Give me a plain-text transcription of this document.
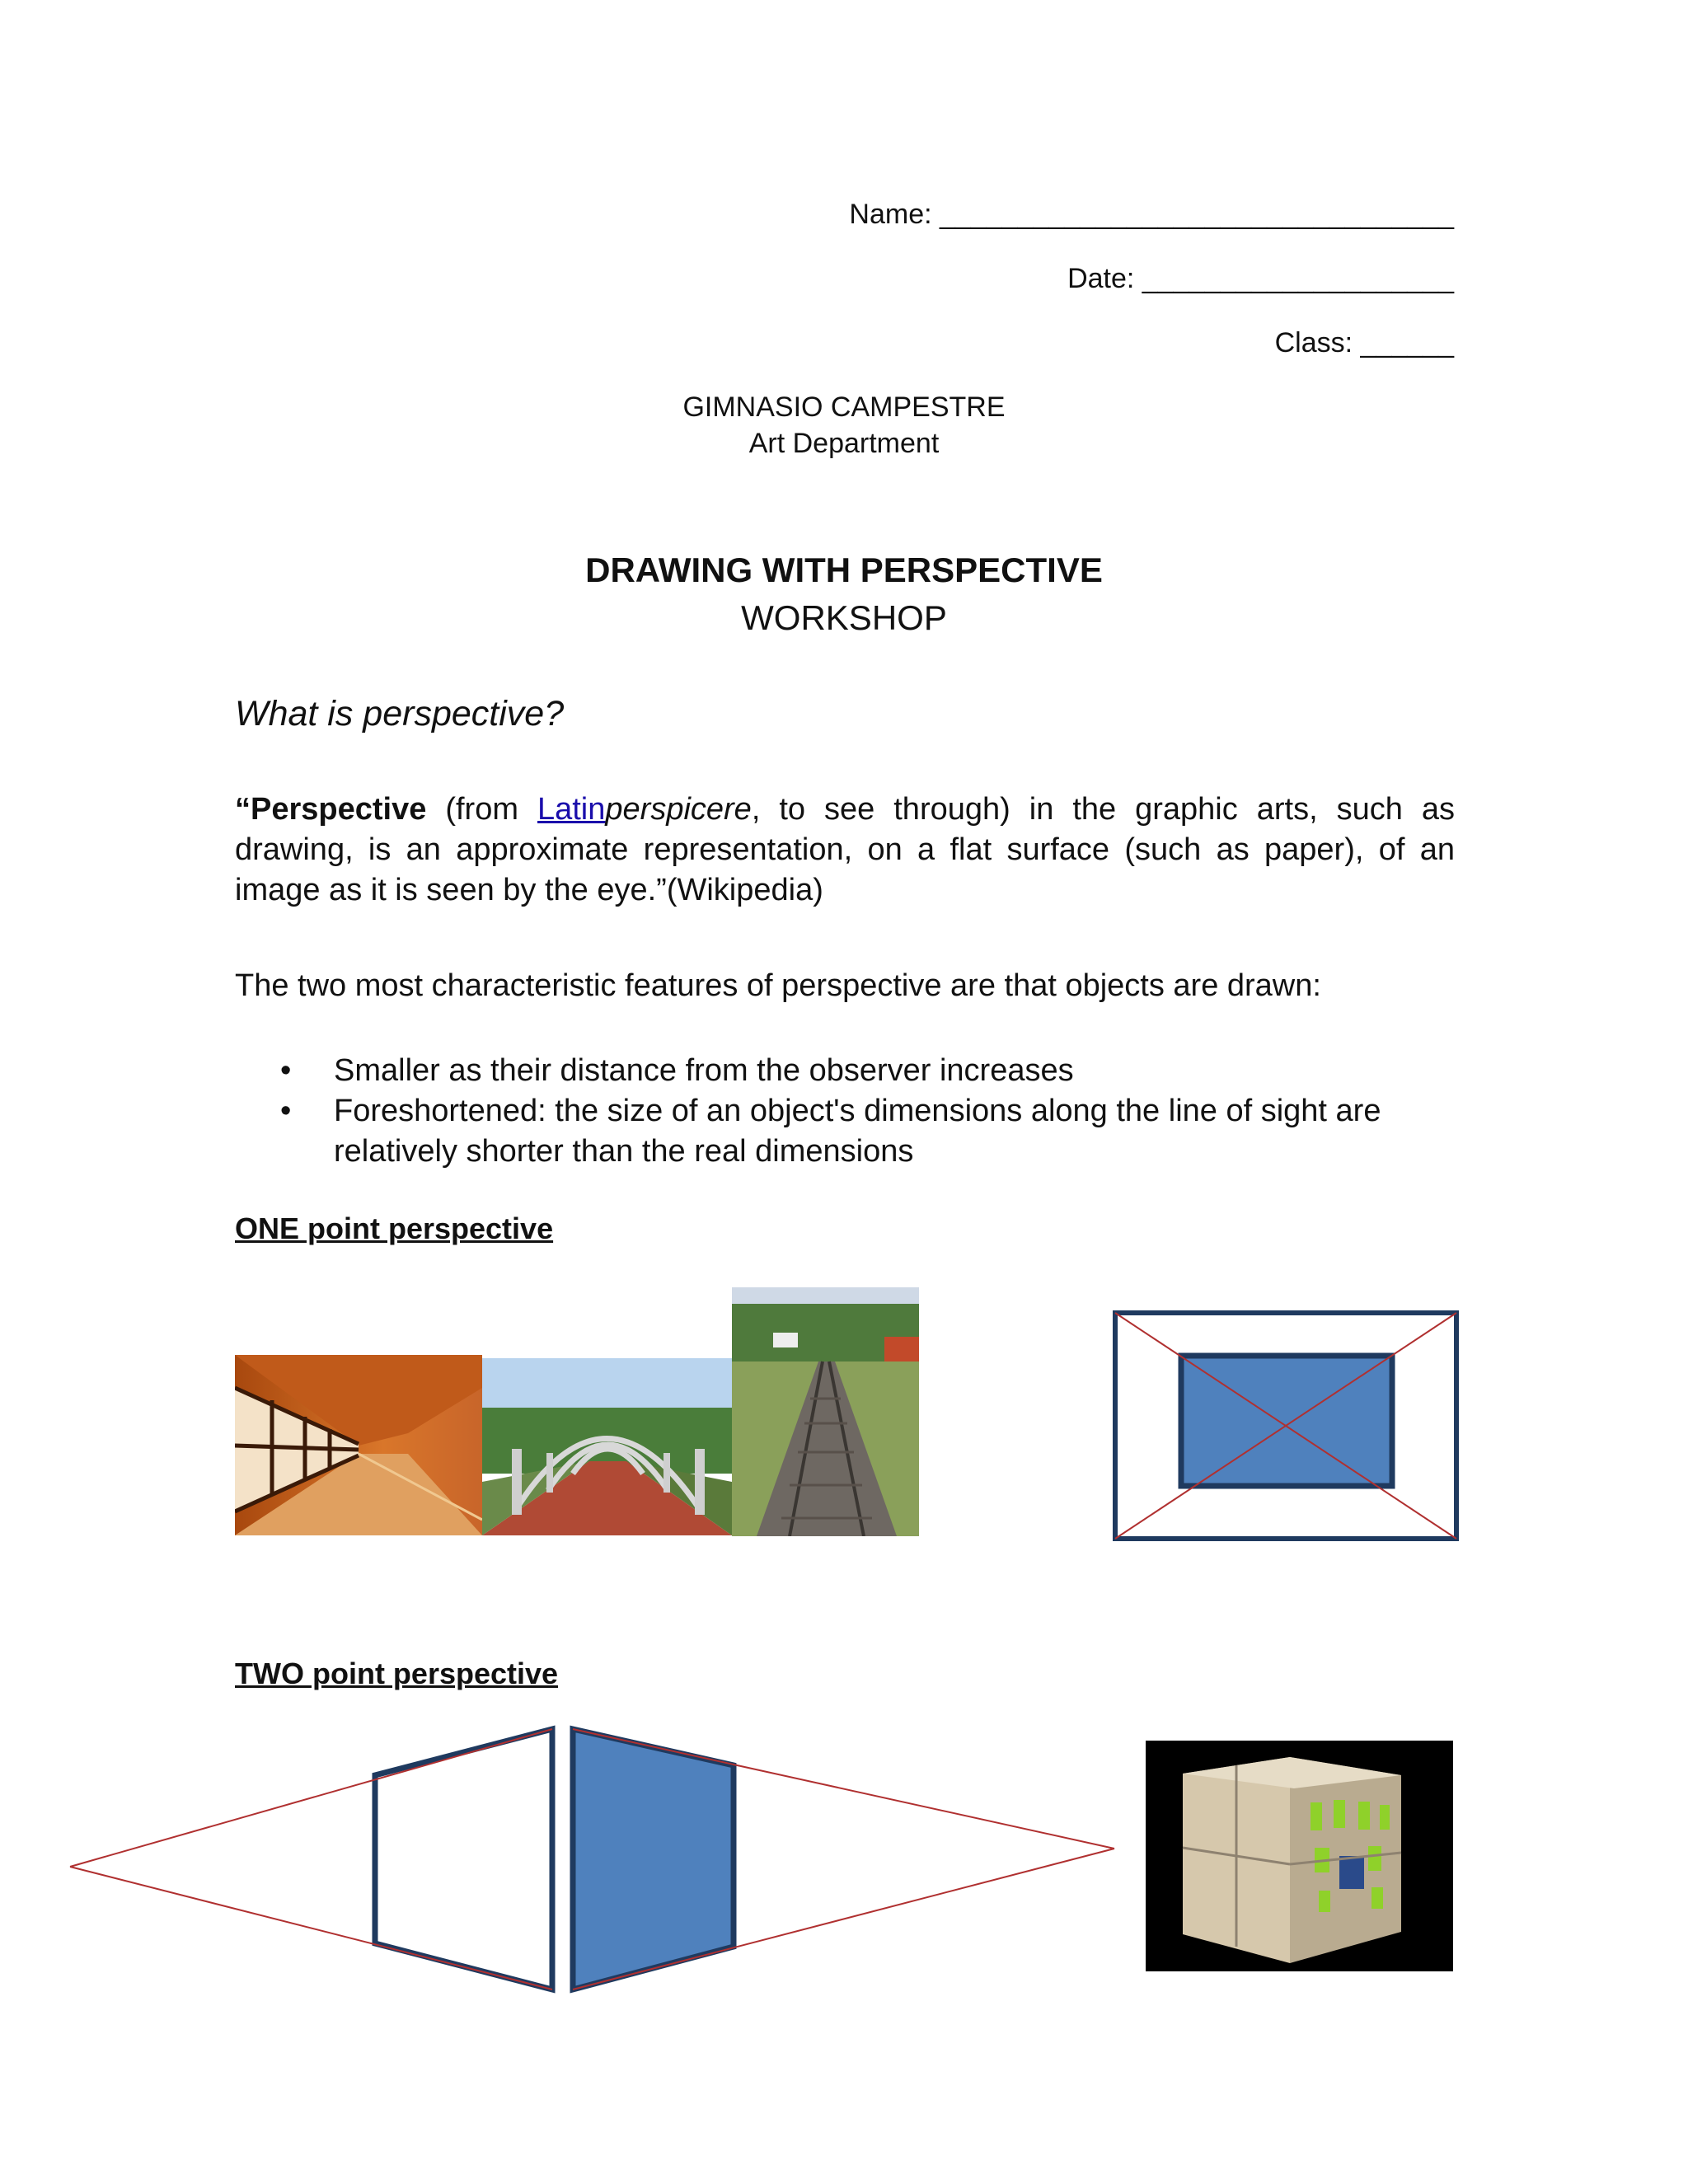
Name: _________________________________
Date: ____________________
Class: ______
GIMNASIO CAMPESTRE
Art Department
DRAWING WITH PERSPECTIVE
WORKSHOP
What is perspective?
“Perspective (from Latinperspicere, to see through) in the graphic arts, such as drawing, is an approximate representation, on a flat surface (such as paper), of an image as it is seen by the eye.”(Wikipedia)
The two most characteristic features of perspective are that objects are drawn:
• Smaller as their distance from the observer increases
• Foreshortened: the size of an object's dimensions along the line of sight are relatively shorter than the real dimensions
ONE point perspective
TWO point perspective
